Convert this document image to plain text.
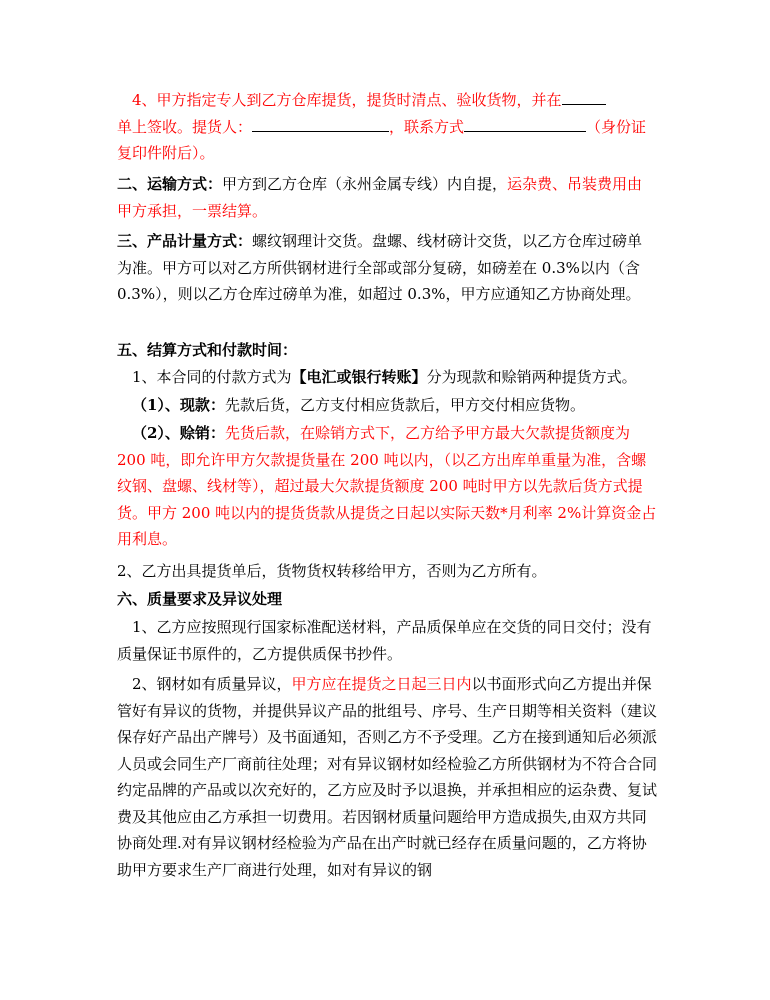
4、甲方指定专人到乙方仓库提货，提货时清点、验收货物，并在
单上签收。提货人：	，联系方式	（身份证复印件附后）。

二、运输方式：甲方到乙方仓库（永州金属专线）内自提，运杂费、吊装费用由甲方承担，一票结算。

三、产品计量方式：螺纹钢理计交货。盘螺、线材磅计交货，以乙方仓库过磅单为准。甲方可以对乙方所供钢材进行全部或部分复磅，如磅差在 0.3%以内（含 0.3%），则以乙方仓库过磅单为准，如超过 0.3%，甲方应通知乙方协商处理。

五、结算方式和付款时间：

1、本合同的付款方式为【电汇或银行转账】分为现款和赊销两种提货方式。

（1）、现款：先款后货，乙方支付相应货款后，甲方交付相应货物。

（2）、赊销：先货后款，在赊销方式下，乙方给予甲方最大欠款提货额度为200 吨，即允许甲方欠款提货量在 200 吨以内，（以乙方出库单重量为准，含螺纹钢、盘螺、线材等），超过最大欠款提货额度 200 吨时甲方以先款后货方式提货。甲方 200 吨以内的提货货款从提货之日起以实际天数*月利率 2%计算资金占用利息。

2、乙方出具提货单后，货物货权转移给甲方，否则为乙方所有。

六、质量要求及异议处理

1、乙方应按照现行国家标准配送材料，产品质保单应在交货的同日交付；没有质量保证书原件的，乙方提供质保书抄件。

2、钢材如有质量异议，甲方应在提货之日起三日内以书面形式向乙方提出并保管好有异议的货物，并提供异议产品的批组号、序号、生产日期等相关资料（建议保存好产品出产牌号）及书面通知，否则乙方不予受理。乙方在接到通知后必须派人员或会同生产厂商前往处理；对有异议钢材如经检验乙方所供钢材为不符合合同约定品牌的产品或以次充好的，乙方应及时予以退换，并承担相应的运杂费、复试费及其他应由乙方承担一切费用。若因钢材质量问题给甲方造成损失,由双方共同协商处理.对有异议钢材经检验为产品在出产时就已经存在质量问题的，乙方将协助甲方要求生产厂商进行处理，如对有异议的钢
